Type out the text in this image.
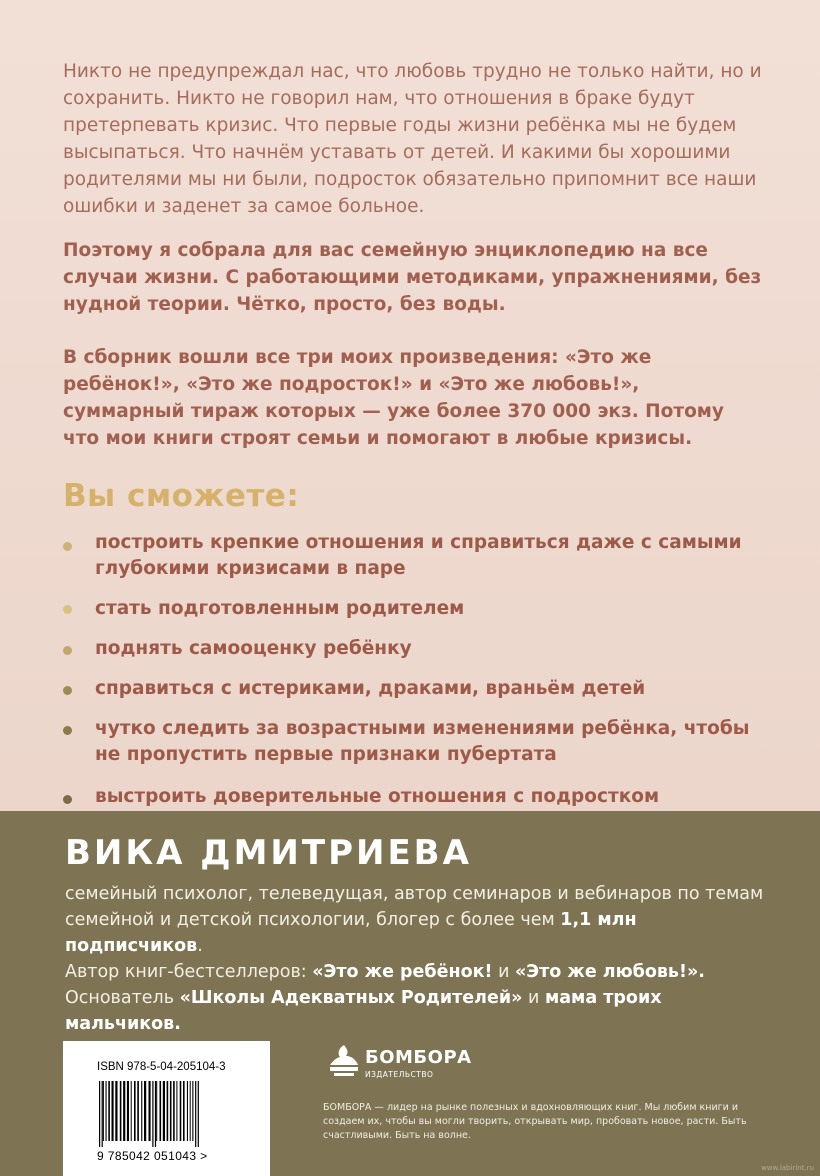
Никто не предупреждал нас, что любовь трудно не только найти, но и сохранить. Никто не говорил нам, что отношения в браке будут претерпевать кризис. Что первые годы жизни ребёнка мы не будем высыпаться. Что начнём уставать от детей. И какими бы хорошими родителями мы ни были, подросток обязательно припомнит все наши ошибки и заденет за самое больное.

Поэтому я собрала для вас семейную энциклопедию на все случаи жизни. С работающими методиками, упражнениями, без нудной теории. Чётко, просто, без воды.

В сборник вошли все три моих произведения: «Это же ребёнок!», «Это же подросток!» и «Это же любовь!», суммарный тираж которых — уже более 370 000 экз. Потому что мои книги строят семьи и помогают в любые кризисы.

Вы сможете:
построить крепкие отношения и справиться даже с самыми глубокими кризисами в паре
стать подготовленным родителем
поднять самооценку ребёнку
справиться с истериками, драками, враньём детей
чутко следить за возрастными изменениями ребёнка, чтобы не пропустить первые признаки пубертата
выстроить доверительные отношения с подростком
ВИКА ДМИТРИЕВА
семейный психолог, телеведущая, автор семинаров и вебинаров по темам семейной и детской психологии, блогер с более чем 1,1 млн подписчиков.
Автор книг-бестселлеров: «Это же ребёнок! и «Это же любовь!».
Основатель «Школы Адекватных Родителей» и мама троих мальчиков.
ISBN 978-5-04-205104-3
9 785042 051043 >
БОМБОРА
ИЗДАТЕЛЬСТВО
БОМБОРА — лидер на рынке полезных и вдохновляющих книг. Мы любим книги и создаем их, чтобы вы могли творить, открывать мир, пробовать новое, расти. Быть счастливыми. Быть на волне.
www.labirint.ru
